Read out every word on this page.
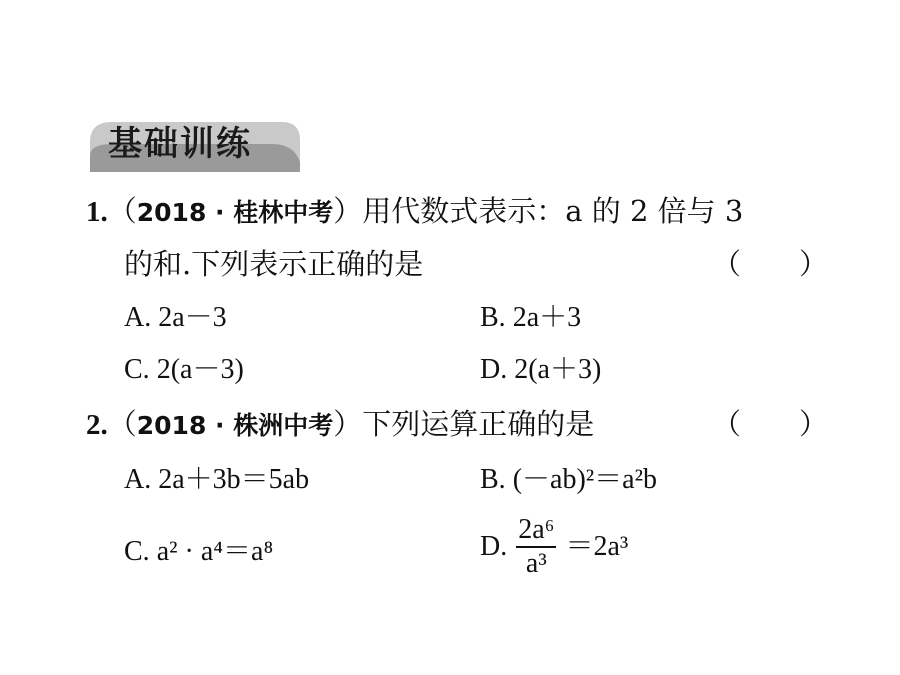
基础训练
1.（2018 · 桂林中考）用代数式表示：a 的 2 倍与 3
的和.下列表示正确的是	（　　）
A. 2a－3	B. 2a＋3
C. 2(a－3)	D. 2(a＋3)
2.（2018 · 株洲中考）下列运算正确的是	（　　）
A. 2a＋3b＝5ab	B. (－ab)²＝a²b
C. a² · a⁴＝a⁸	D. $\frac{\text{2a⁶}}{\text{a³}} =2a^3$
